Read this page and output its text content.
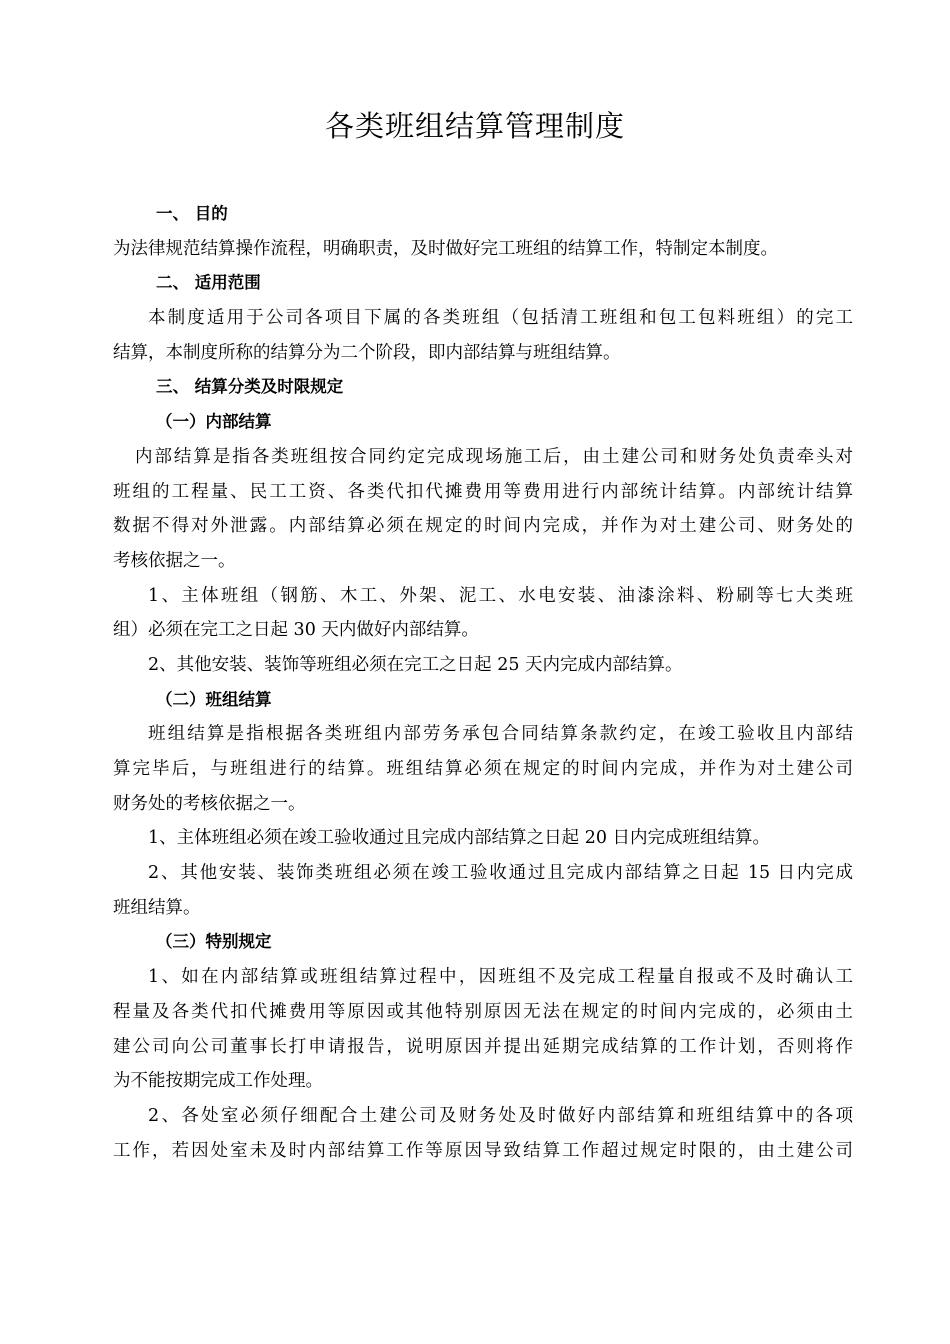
各类班组结算管理制度
一、 目的
为法律规范结算操作流程，明确职责，及时做好完工班组的结算工作，特制定本制度。
二、 适用范围
本制度适用于公司各项目下属的各类班组（包括清工班组和包工包料班组）的完工
结算，本制度所称的结算分为二个阶段，即内部结算与班组结算。
三、 结算分类及时限规定
（一）内部结算
内部结算是指各类班组按合同约定完成现场施工后，由土建公司和财务处负责牵头对
班组的工程量、民工工资、各类代扣代摊费用等费用进行内部统计结算。内部统计结算
数据不得对外泄露。内部结算必须在规定的时间内完成，并作为对土建公司、财务处的
考核依据之一。
1、主体班组（钢筋、木工、外架、泥工、水电安装、油漆涂料、粉刷等七大类班
组）必须在完工之日起 30 天内做好内部结算。
2、其他安装、装饰等班组必须在完工之日起 25 天内完成内部结算。
（二）班组结算
班组结算是指根据各类班组内部劳务承包合同结算条款约定，在竣工验收且内部结
算完毕后，与班组进行的结算。班组结算必须在规定的时间内完成，并作为对土建公司
财务处的考核依据之一。
1、主体班组必须在竣工验收通过且完成内部结算之日起 20 日内完成班组结算。
2、其他安装、装饰类班组必须在竣工验收通过且完成内部结算之日起 15 日内完成
班组结算。
（三）特别规定
1、如在内部结算或班组结算过程中，因班组不及完成工程量自报或不及时确认工
程量及各类代扣代摊费用等原因或其他特别原因无法在规定的时间内完成的，必须由土
建公司向公司董事长打申请报告，说明原因并提出延期完成结算的工作计划，否则将作
为不能按期完成工作处理。
2、各处室必须仔细配合土建公司及财务处及时做好内部结算和班组结算中的各项
工作，若因处室未及时内部结算工作等原因导致结算工作超过规定时限的，由土建公司
